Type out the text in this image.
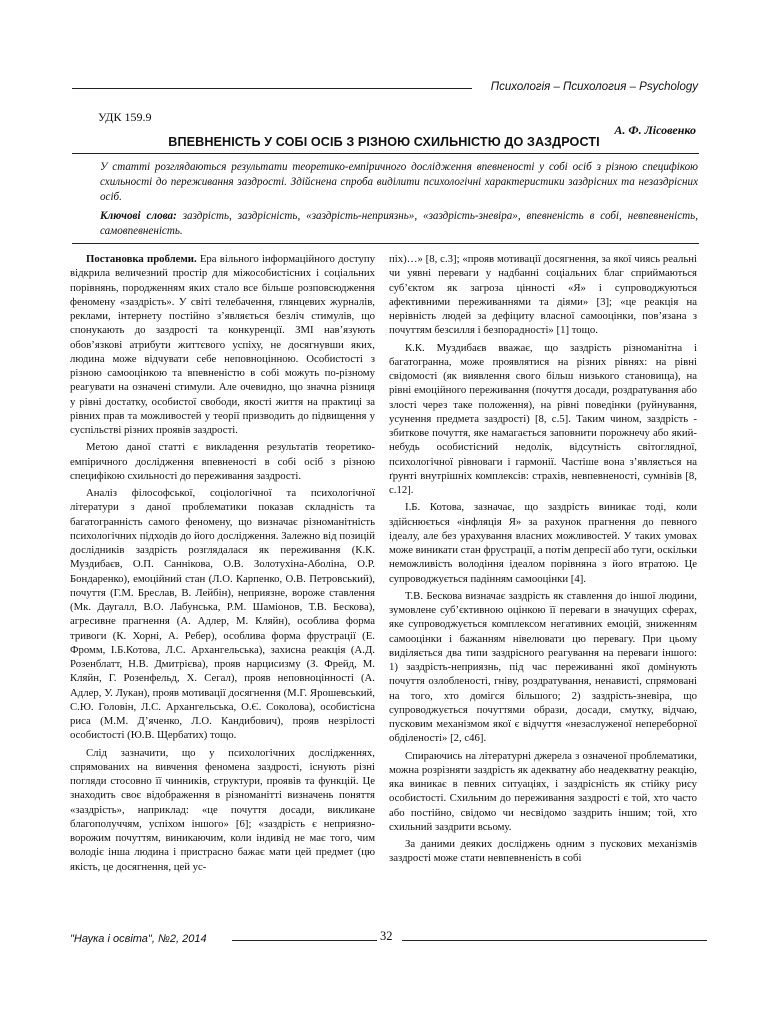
Психологія – Психология – Psychology
УДК 159.9
А. Ф. Лісовенко
ВПЕВНЕНІСТЬ У СОБІ ОСІБ З РІЗНОЮ СХИЛЬНІСТЮ ДО ЗАЗДРОСТІ
У статті розглядаються результати теоретико-емпіричного дослідження впевненості у собі осіб з різною специфікою схильності до переживання заздрості. Здійснена спроба виділити психологічні характеристики заздрісних та незаздрісних осіб.
Ключові слова: заздрість, заздрісність, «заздрість-неприязнь», «заздрість-зневіра», впевненість в собі, невпевненість, самовпевненість.

Постановка проблеми. Ера вільного інформаційного доступу відкрила величезний простір для міжособистісних і соціальних порівнянь, породженням яких стало все більше розповсюдження феномену «заздрість». У світі телебачення, глянцевих журналів, реклами, інтернету постійно з’являється безліч стимулів, що спонукають до заздрості та конкуренції. ЗМІ нав’язують обов’язкові атрибути життєвого успіху, не досягнувши яких, людина може відчувати себе неповноцінною. Особистості з різною самооцінкою та впевненістю в собі можуть по-різному реагувати на означені стимули. Але очевидно, що значна різниця у рівні достатку, особистої свободи, якості життя на практиці за рівних прав та можливостей у теорії призводить до підвищення у суспільстві різних проявів заздрості.

Метою даної статті є викладення результатів теоретико-емпіричного дослідження впевненості в собі осіб з різною специфікою схильності до переживання заздрості.

Аналіз філософської, соціологічної та психологічної літератури з даної проблематики показав складність та багатогранність самого феномену, що визначає різноманітність психологічних підходів до його дослідження. Залежно від позицій дослідників заздрість розглядалася як переживання (К.К. Муздибаєв, О.П. Саннікова, О.В. Золотухіна-Аболіна, О.Р. Бондаренко), емоційний стан (Л.О. Карпенко, О.В. Петровський), почуття (Г.М. Бреслав, В. Лейбін), неприязне, вороже ставлення (Мк. Даугалл, В.О. Лабунська, Р.М. Шамiонов, Т.В. Бескова), агресивне прагнення (А. Адлер, М. Кляйн), особлива форма тривоги (К. Хорні, А. Ребер), особлива форма фрустрації (Е. Фромм, І.Б.Котова, Л.С. Архангельська), захисна реакція (А.Д. Розенблатт, Н.В. Дмитрієва), прояв нарцисизму (З. Фрейд, М. Кляйн, Г. Розенфельд, Х. Сегал), прояв неповноцінності (А. Адлер, У. Лукан), прояв мотивації досягнення (М.Г. Ярошевський, С.Ю. Головін, Л.С. Архангельська, О.Є. Соколова), особистісна риса (М.М. Д’яченко, Л.О. Кандибович), прояв незрілості особистості (Ю.В. Щербатих) тощо.

Слід зазначити, що у психологічних дослідженнях, спрямованих на вивчення феномена заздрості, існують різні погляди стосовно її чинників, структури, проявів та функцій. Це знаходить своє відображення в різноманітті визначень поняття «заздрість», наприклад: «це почуття досади, викликане благополуччям, успіхом іншого» [6]; «заздрість є неприязно-ворожим почуттям, виникаючим, коли індивід не має того, чим володіє інша людина і пристрасно бажає мати цей предмет (цю якість, це досягнення, цей ус-

піх)…» [8, с.3]; «прояв мотивації досягнення, за якої чиясь реальні чи уявні переваги у надбанні соціальних благ сприймаються суб’єктом як загроза цінності «Я» і супроводжуються афективними переживаннями та діями» [3]; «це реакція на нерівність людей за дефіциту власної самооцінки, пов’язана з почуттям безсилля і безпорадності» [1] тощо.

К.К. Муздибаєв вважає, що заздрість різноманітна і багатогранна, може проявлятися на різних рівнях: на рівні свідомості (як виявлення свого більш низького становища), на рівні емоційного переживання (почуття досади, роздратування або злості через таке положення), на рівні поведінки (руйнування, усунення предмета заздрості) [8, с.5]. Таким чином, заздрість - збиткове почуття, яке намагається заповнити порожнечу або який-небудь особистісний недолік, відсутність світоглядної, психологічної рівноваги і гармонії. Частіше вона з’являється на ґрунті внутрішніх комплексів: страхів, невпевненості, сумнівів [8, с.12].

І.Б. Котова, зазначає, що заздрість виникає тоді, коли здійснюється «інфляція Я» за рахунок прагнення до певного ідеалу, але без урахування власних можливостей. У таких умовах може виникати стан фрустрації, а потім депресії або туги, оскільки неможливість володіння ідеалом порівняна з його втратою. Це супроводжується падінням самооцінки [4].

Т.В. Бескова визначає заздрість як ставлення до іншої людини, зумовлене суб’єктивною оцінкою її переваги в значущих сферах, яке супроводжується комплексом негативних емоцій, зниженням самооцінки і бажанням нівелювати цю перевагу. При цьому виділяється два типи заздрісного реагування на переваги іншого: 1) заздрість-неприязнь, під час переживанні якої домінують почуття озлобленості, гніву, роздратування, ненависті, спрямовані на того, хто домігся більшого; 2) заздрість-зневіра, що супроводжується почуттями образи, досади, смутку, відчаю, пусковим механізмом якої є відчуття «незаслуженої непереборної обділеності» [2, с46].

Спираючись на літературні джерела з означеної проблематики, можна розрізняти заздрість як адекватну або неадекватну реакцію, яка виникає в певних ситуаціях, і заздрісність як стійку рису особистості. Схильним до переживання заздрості є той, хто часто або постійно, свідомо чи несвідомо заздрить іншим; той, хто схильний заздрити всьому.

За даними деяких досліджень одним з пускових механізмів заздрості може стати невпевненість в собі

"Наука і освіта", №2, 2014	32
